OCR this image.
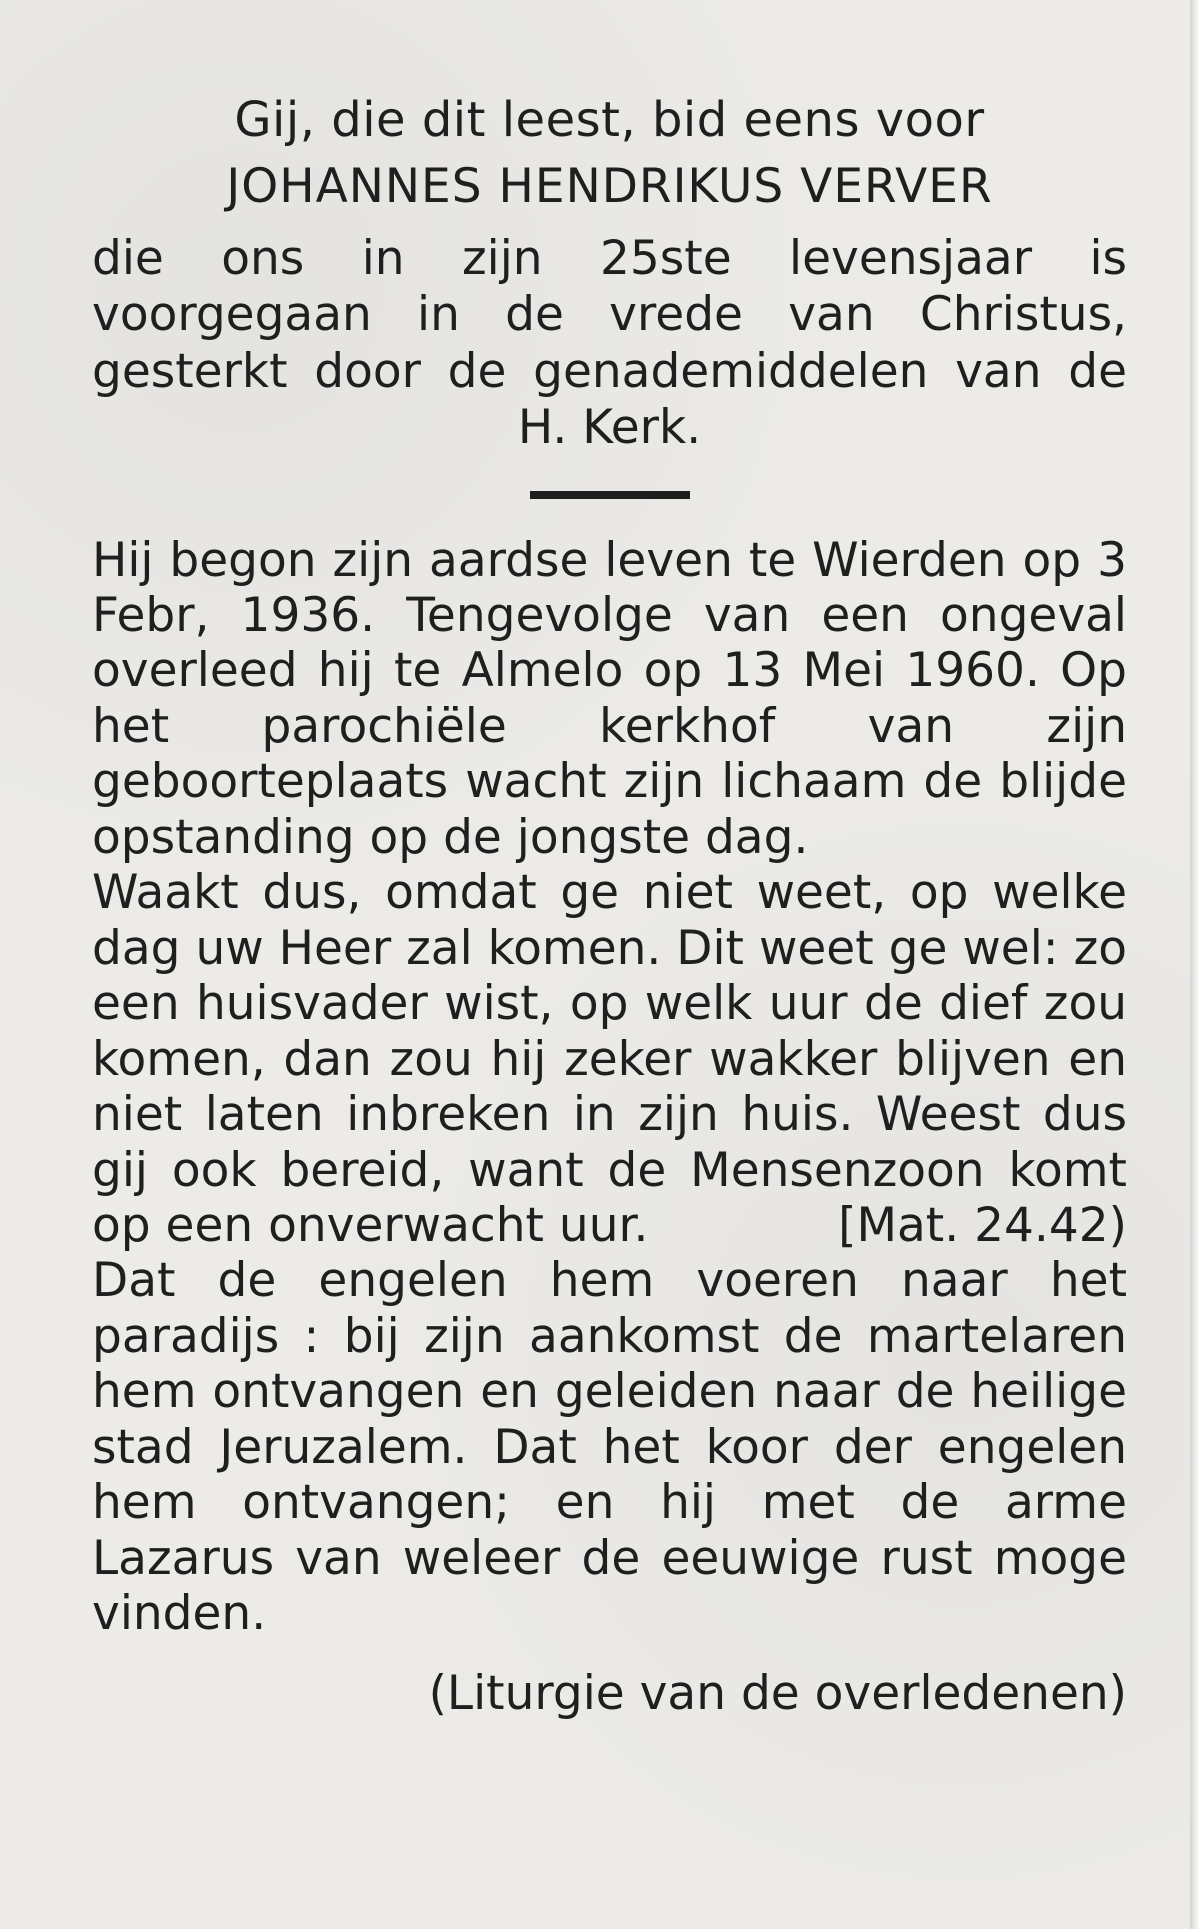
Gij, die dit leest, bid eens voor

JOHANNES HENDRIKUS VERVER

die ons in zijn 25ste levensjaar is voorgegaan in de vrede van Christus, gesterkt door de genademiddelen van de H. Kerk.

Hij begon zijn aardse leven te Wierden op 3 Febr, 1936. Tengevolge van een ongeval overleed hij te Almelo op 13 Mei 1960. Op het parochiële kerkhof van zijn geboorteplaats wacht zijn lichaam de blijde opstanding op de jongste dag.

Waakt dus, omdat ge niet weet, op welke dag uw Heer zal komen. Dit weet ge wel: zo een huisvader wist, op welk uur de dief zou komen, dan zou hij zeker wakker blijven en niet laten inbreken in zijn huis. Weest dus gij ook bereid, want de Mensenzoon komt op een onverwacht uur.	[Mat. 24.42)

Dat de engelen hem voeren naar het paradijs : bij zijn aankomst de martelaren hem ontvangen en geleiden naar de heilige stad Jeruzalem. Dat het koor der engelen hem ontvangen; en hij met de arme Lazarus van weleer de eeuwige rust moge vinden.

(Liturgie van de overledenen)
